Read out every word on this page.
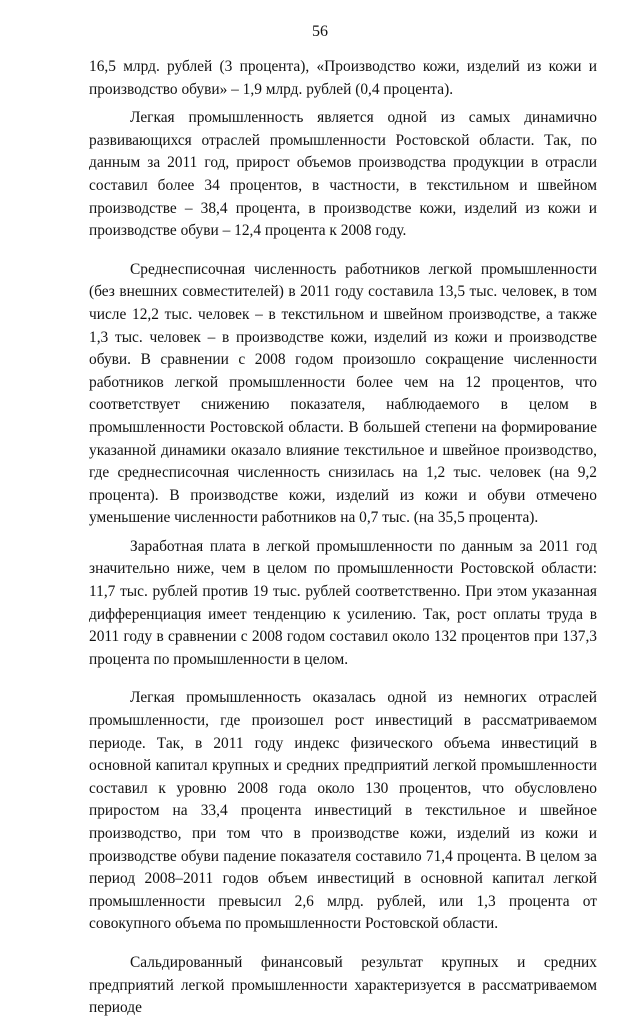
56

16,5 млрд. рублей (3 процента), «Производство кожи, изделий из кожи и производство обуви» – 1,9 млрд. рублей (0,4 процента).

Легкая промышленность является одной из самых динамично развивающихся отраслей промышленности Ростовской области. Так, по данным за 2011 год, прирост объемов производства продукции в отрасли составил более 34 процентов, в частности, в текстильном и швейном производстве – 38,4 процента, в производстве кожи, изделий из кожи и производстве обуви – 12,4 процента к 2008 году.

Среднесписочная численность работников легкой промышленности (без внешних совместителей) в 2011 году составила 13,5 тыс. человек, в том числе 12,2 тыс. человек – в текстильном и швейном производстве, а также 1,3 тыс. человек – в производстве кожи, изделий из кожи и производстве обуви. В сравнении с 2008 годом произошло сокращение численности работников легкой промышленности более чем на 12 процентов, что соответствует снижению показателя, наблюдаемого в целом в промышленности Ростовской области. В большей степени на формирование указанной динамики оказало влияние текстильное и швейное производство, где среднесписочная численность снизилась на 1,2 тыс. человек (на 9,2 процента). В производстве кожи, изделий из кожи и обуви отмечено уменьшение численности работников на 0,7 тыс. (на 35,5 процента).

Заработная плата в легкой промышленности по данным за 2011 год значительно ниже, чем в целом по промышленности Ростовской области: 11,7 тыс. рублей против 19 тыс. рублей соответственно. При этом указанная дифференциация имеет тенденцию к усилению. Так, рост оплаты труда в 2011 году в сравнении с 2008 годом составил около 132 процентов при 137,3 процента по промышленности в целом.

Легкая промышленность оказалась одной из немногих отраслей промышленности, где произошел рост инвестиций в рассматриваемом периоде. Так, в 2011 году индекс физического объема инвестиций в основной капитал крупных и средних предприятий легкой промышленности составил к уровню 2008 года около 130 процентов, что обусловлено приростом на 33,4 процента инвестиций в текстильное и швейное производство, при том что в производстве кожи, изделий из кожи и производстве обуви падение показателя составило 71,4 процента. В целом за период 2008–2011 годов объем инвестиций в основной капитал легкой промышленности превысил 2,6 млрд. рублей, или 1,3 процента от совокупного объема по промышленности Ростовской области.

Сальдированный финансовый результат крупных и средних предприятий легкой промышленности характеризуется в рассматриваемом периоде
